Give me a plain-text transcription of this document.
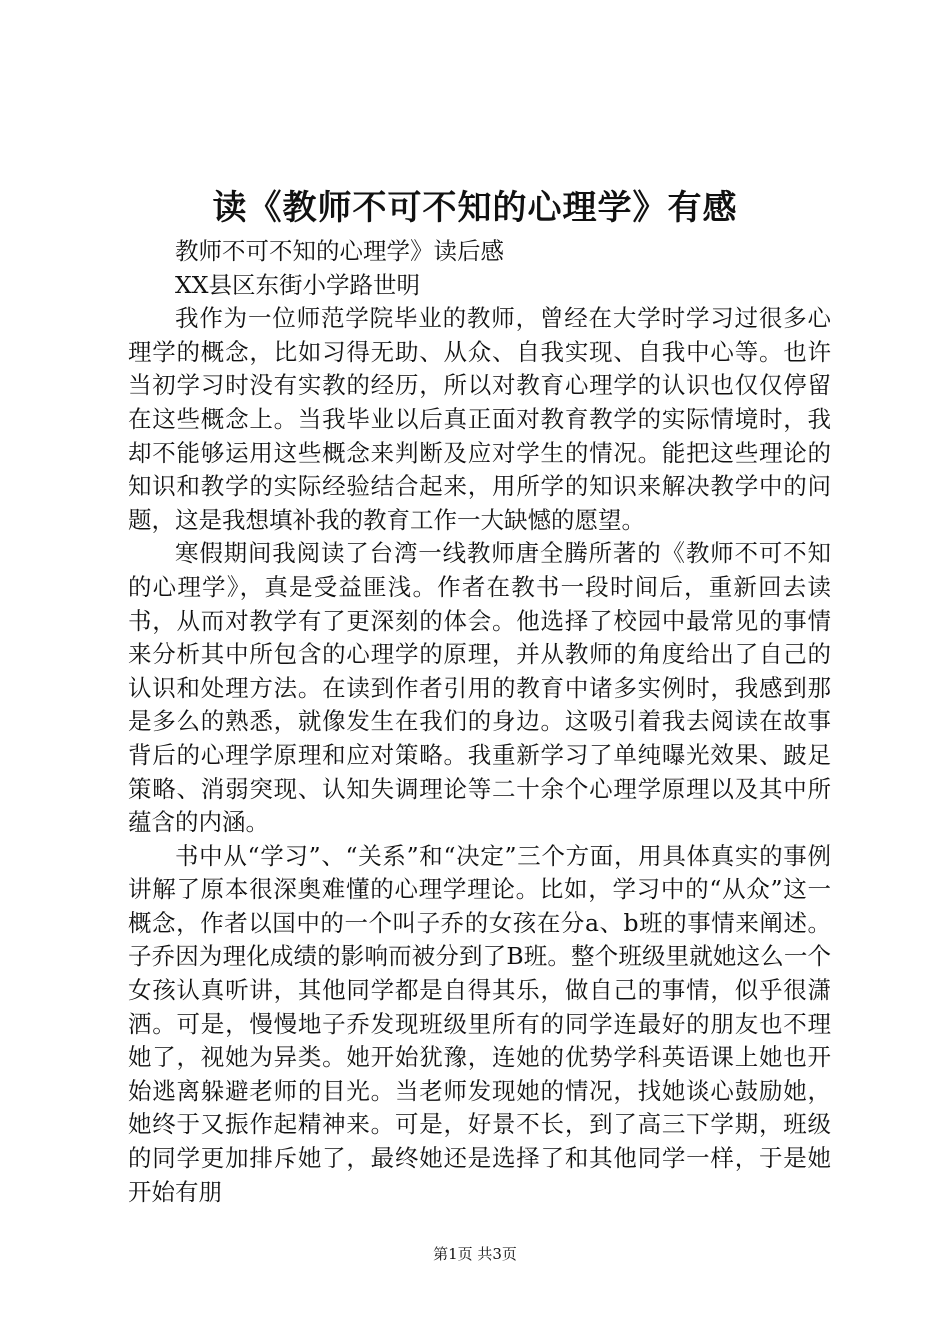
读《教师不可不知的心理学》有感

教师不可不知的心理学》读后感

XX县区东街小学路世明

我作为一位师范学院毕业的教师，曾经在大学时学习过很多心理学的概念，比如习得无助、从众、自我实现、自我中心等。也许当初学习时没有实教的经历，所以对教育心理学的认识也仅仅停留在这些概念上。当我毕业以后真正面对教育教学的实际情境时，我却不能够运用这些概念来判断及应对学生的情况。能把这些理论的知识和教学的实际经验结合起来，用所学的知识来解决教学中的问题，这是我想填补我的教育工作一大缺憾的愿望。

寒假期间我阅读了台湾一线教师唐全腾所著的《教师不可不知的心理学》，真是受益匪浅。作者在教书一段时间后，重新回去读书，从而对教学有了更深刻的体会。他选择了校园中最常见的事情来分析其中所包含的心理学的原理，并从教师的角度给出了自己的认识和处理方法。在读到作者引用的教育中诸多实例时，我感到那是多么的熟悉，就像发生在我们的身边。这吸引着我去阅读在故事背后的心理学原理和应对策略。我重新学习了单纯曝光效果、跛足策略、消弱突现、认知失调理论等二十余个心理学原理以及其中所蕴含的内涵。

书中从“学习”、“关系”和“决定”三个方面，用具体真实的事例讲解了原本很深奥难懂的心理学理论。比如，学习中的“从众”这一概念，作者以国中的一个叫子乔的女孩在分a、b班的事情来阐述。子乔因为理化成绩的影响而被分到了B班。整个班级里就她这么一个女孩认真听讲，其他同学都是自得其乐，做自己的事情，似乎很潇洒。可是，慢慢地子乔发现班级里所有的同学连最好的朋友也不理她了，视她为异类。她开始犹豫，连她的优势学科英语课上她也开始逃离躲避老师的目光。当老师发现她的情况，找她谈心鼓励她，她终于又振作起精神来。可是，好景不长，到了高三下学期，班级的同学更加排斥她了，最终她还是选择了和其他同学一样，于是她开始有朋

第1页 共3页
